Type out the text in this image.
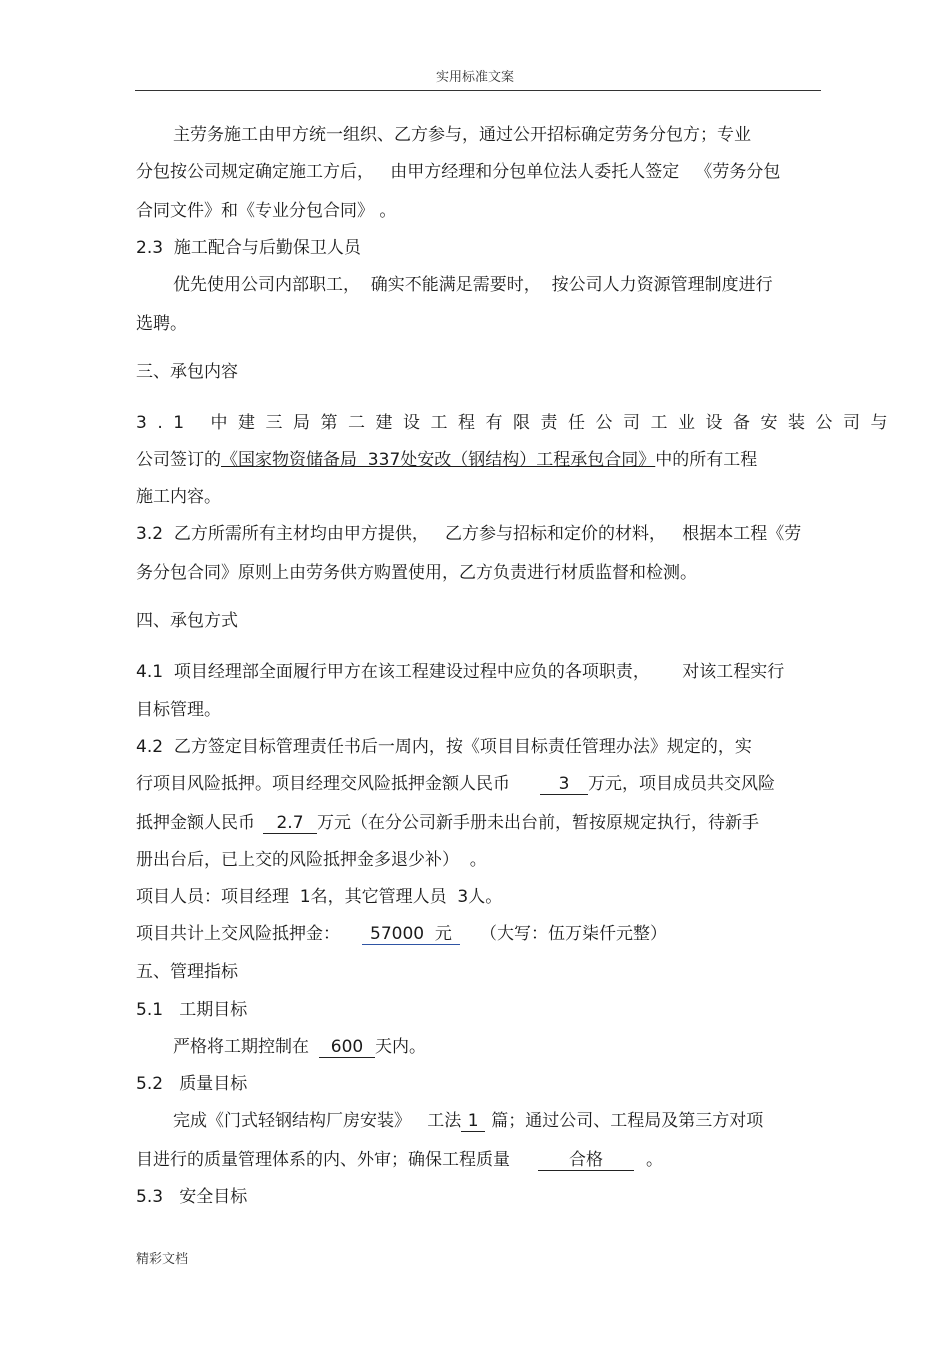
实用标准文案

主劳务施工由甲方统一组织、乙方参与，通过公开招标确定劳务分包方；专业

分包按公司规定确定施工方后，   由甲方经理和分包单位法人委托人签定   《劳务分包

合同文件》和《专业分包合同》 。

2.3  施工配合与后勤保卫人员

优先使用公司内部职工，  确实不能满足需要时，  按公司人力资源管理制度进行

选聘。

三、承包内容

3.1 中建三局第二建设工程有限责任公司工业设备安装公司与

公司签订的《国家物资储备局  337处安改（钢结构）工程承包合同》中的所有工程

施工内容。

3.2  乙方所需所有主材均由甲方提供，   乙方参与招标和定价的材料，   根据本工程《劳

务分包合同》原则上由劳务供方购置使用，乙方负责进行材质监督和检测。

四、承包方式

4.1  项目经理部全面履行甲方在该工程建设过程中应负的各项职责，      对该工程实行

目标管理。

4.2  乙方签定目标管理责任书后一周内，按《项目目标责任管理办法》规定的，实

行项目风险抵押。项目经理交风险抵押金额人民币	3 万元，项目成员共交风险

抵押金额人民币 2.7 万元（在分公司新手册未出台前，暂按原规定执行，待新手

册出台后，已上交的风险抵押金多退少补）  。

项目人员：项目经理  1名，其它管理人员  3人。

项目共计上交风险抵押金： 57000  元 （大写：伍万柒仟元整）

五、管理指标

5.1   工期目标

严格将工期控制在 600 天内。

5.2   质量目标

完成《门式轻钢结构厂房安装》   工法 1 篇；通过公司、工程局及第三方对项

目进行的质量管理体系的内、外审；确保工程质量	合格	。

5.3   安全目标

精彩文档
